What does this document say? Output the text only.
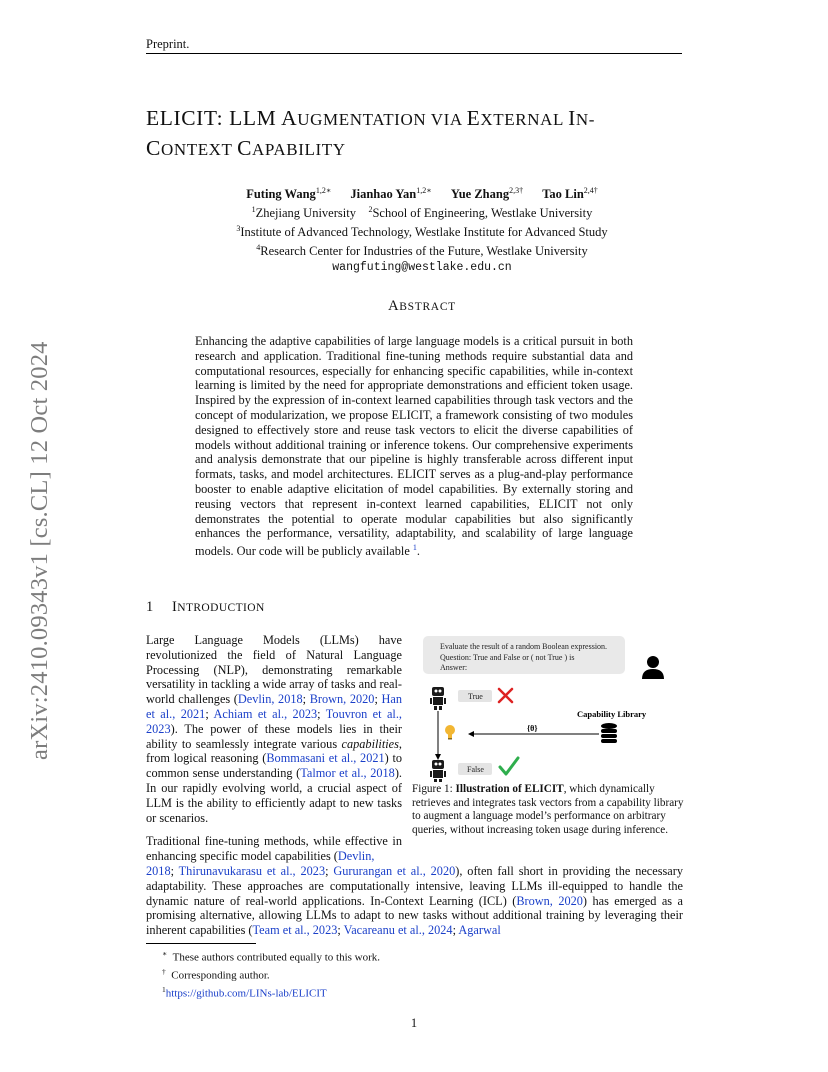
Preprint.
arXiv:2410.09343v1 [cs.CL] 12 Oct 2024
ELICIT: LLM AUGMENTATION VIA EXTERNAL IN-
CONTEXT CAPABILITY
Futing Wang$^{1,2∗}$ Jianhao Yan$^{1,2∗}$ Yue Zhang$^{2,3\dagger}$ Tao Lin$^{2,4\dagger}$
$^1$Zhejiang University $^2$School of Engineering, Westlake University
$^3$Institute of Advanced Technology, Westlake Institute for Advanced Study
$^4$Research Center for Industries of the Future, Westlake University
wangfuting@westlake.edu.cn
ABSTRACT
Enhancing the adaptive capabilities of large language models is a critical pursuit in both research and application. Traditional fine-tuning methods require substantial data and computational resources, especially for enhancing specific capabilities, while in-context learning is limited by the need for appropriate demonstrations and efficient token usage. Inspired by the expression of in-context learned capabilities through task vectors and the concept of modularization, we propose ELICIT, a framework consisting of two modules designed to effectively store and reuse task vectors to elicit the diverse capabilities of models without additional training or inference tokens. Our comprehensive experiments and analysis demonstrate that our pipeline is highly transferable across different input formats, tasks, and model architectures. ELICIT serves as a plug-and-play performance booster to enable adaptive elicitation of model capabilities. By externally storing and reusing vectors that represent in-context learned capabilities, ELICIT not only demonstrates the potential to operate modular capabilities but also significantly enhances the performance, versatility, adaptability, and scalability of large language models. Our code will be publicly available $^1$.
1 INTRODUCTION
Large Language Models (LLMs) have revolutionized the field of Natural Language Processing (NLP), demonstrating remarkable versatility in tackling a wide array of tasks and real-world challenges (Devlin, 2018; Brown, 2020; Han et al., 2021; Achiam et al., 2023; Touvron et al., 2023). The power of these models lies in their ability to seamlessly integrate various capabilities, from logical reasoning (Bommasani et al., 2021) to common sense understanding (Talmor et al., 2018). In our rapidly evolving world, a crucial aspect of LLM is the ability to efficiently adapt to new tasks or scenarios.
Traditional fine-tuning methods, while effective in enhancing specific model capabilities (Devlin,
2018; Thirunavukarasu et al., 2023; Gururangan et al., 2020), often fall short in providing the necessary adaptability. These approaches are computationally intensive, leaving LLMs ill-equipped to handle the dynamic nature of real-world applications. In-Context Learning (ICL) (Brown, 2020) has emerged as a promising alternative, allowing LLMs to adapt to new tasks without additional training by leveraging their inherent capabilities (Team et al., 2023; Vacareanu et al., 2024; Agarwal
Evaluate the result of a random Boolean expression.
Question: True and False or ( not True ) is
Answer:
True
{θ}
Capability Library
False
Figure 1: Illustration of ELICIT, which dynamically retrieves and integrates task vectors from a capability library to augment a language model’s performance on arbitrary queries, without increasing token usage during inference.
∗ These authors contributed equally to this work.
† Corresponding author.
$^1$https://github.com/LINs-lab/ELICIT
1
